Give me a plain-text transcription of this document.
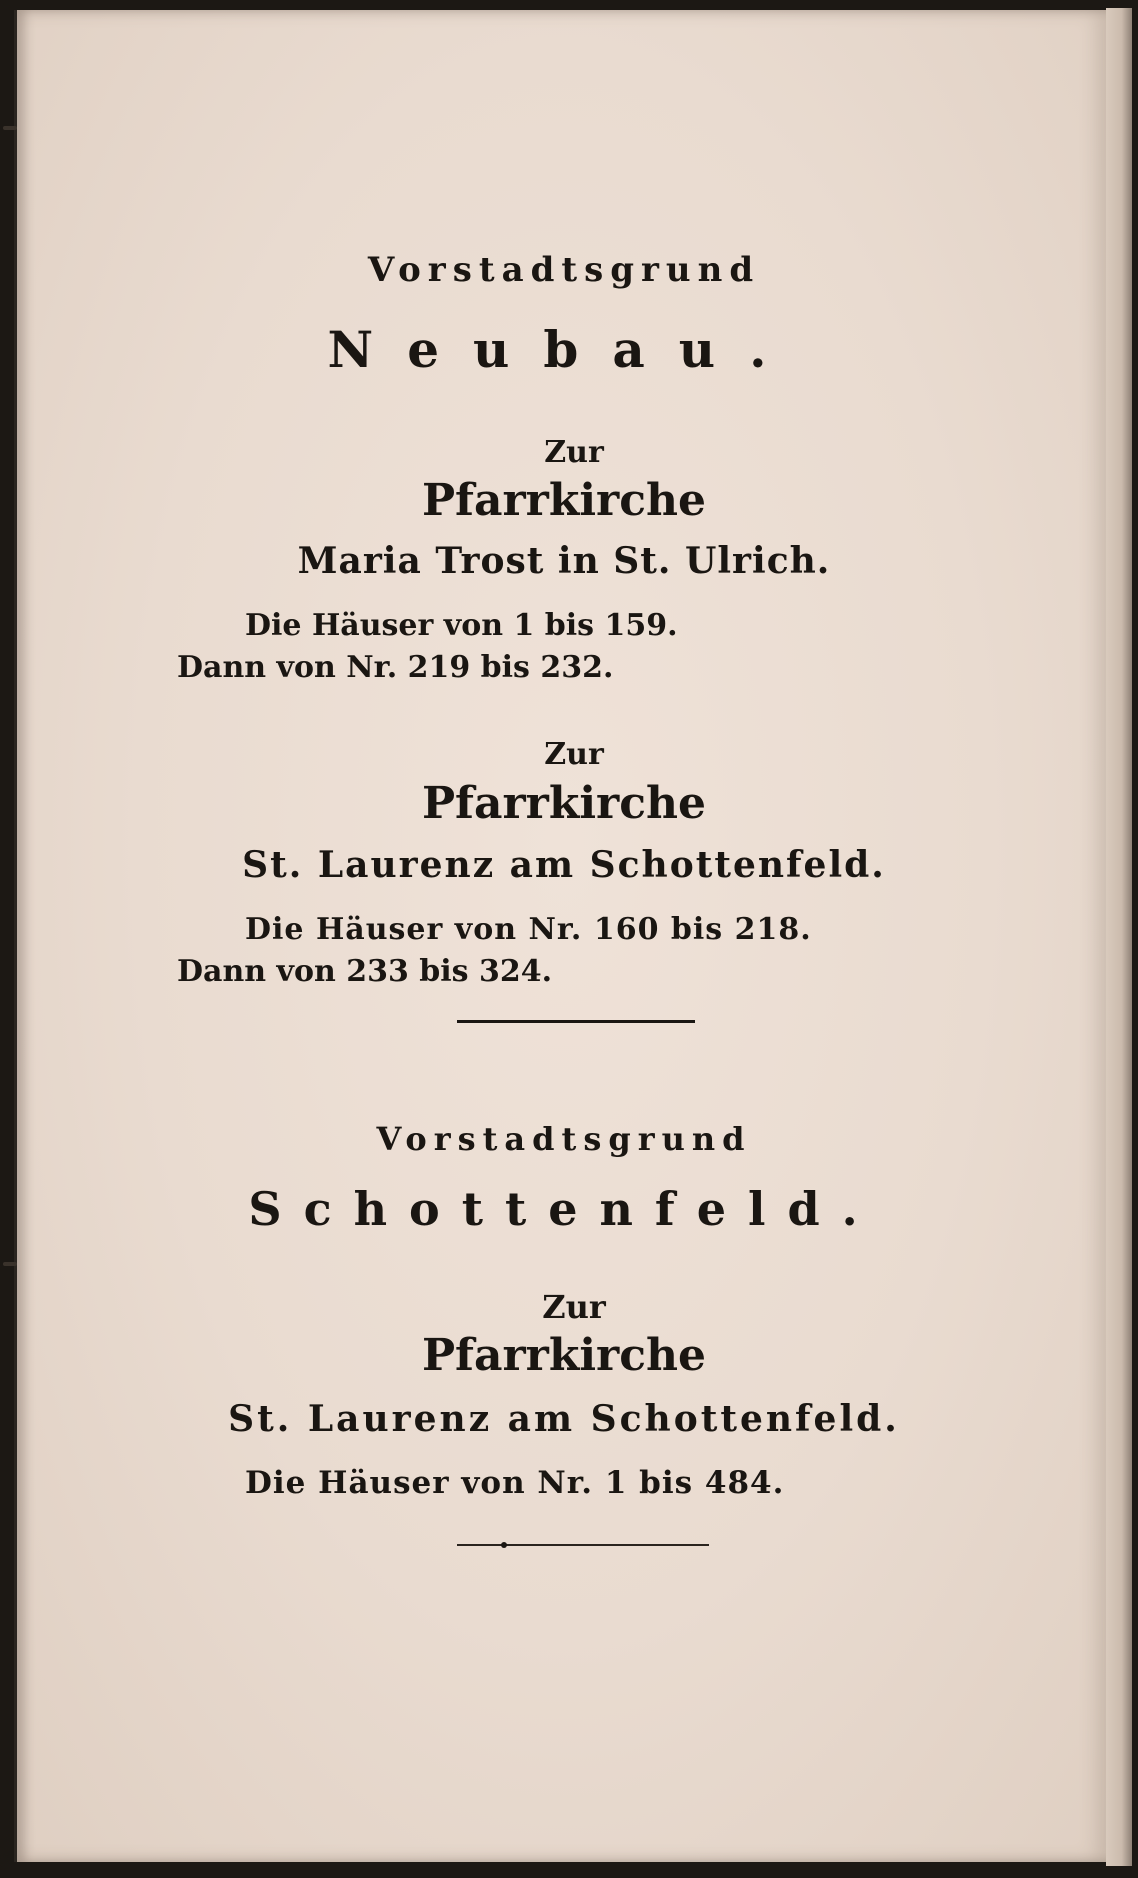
Vorstadtsgrund
Neubau.
Zur
Pfarrkirche
Maria Trost in St. Ulrich.
Die Häuser von 1 bis 159.
Dann von Nr. 219 bis 232.
Zur
Pfarrkirche
St. Laurenz am Schottenfeld.
Die Häuser von Nr. 160 bis 218.
Dann von 233 bis 324.
Vorstadtsgrund
Schottenfeld.
Zur
Pfarrkirche
St. Laurenz am Schottenfeld.
Die Häuser von Nr. 1 bis 484.
